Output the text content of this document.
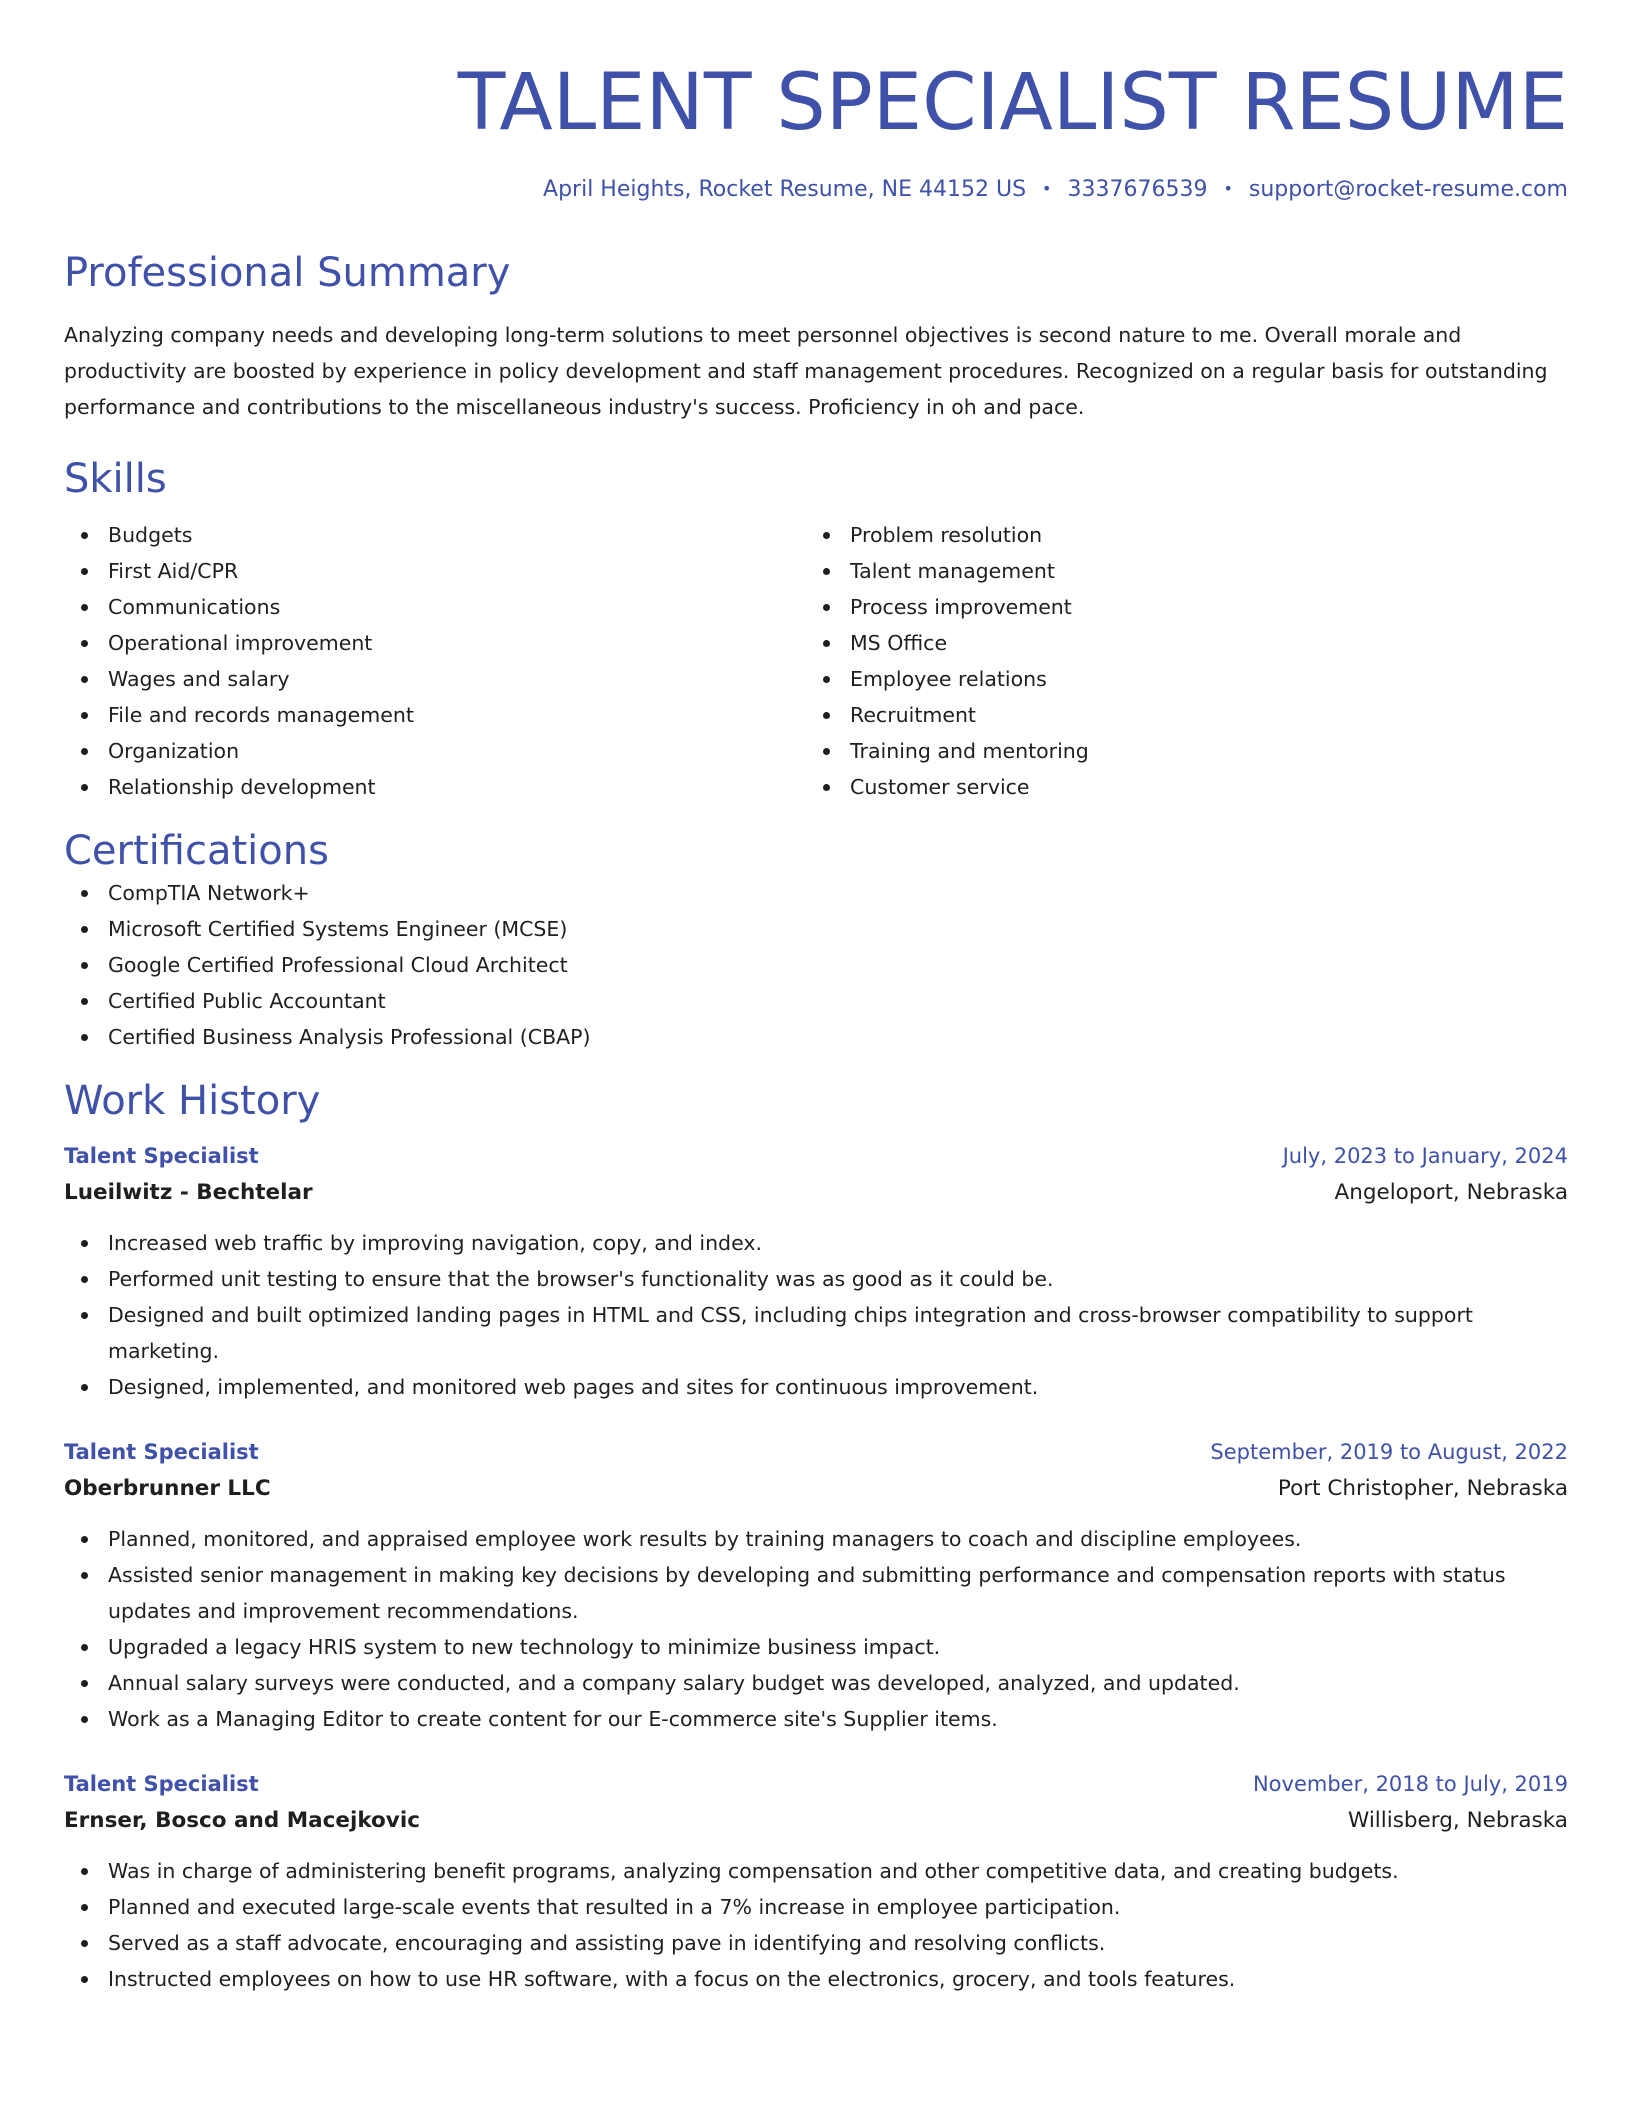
TALENT SPECIALIST RESUME
April Heights, Rocket Resume, NE 44152 US • 3337676539 • support@rocket-resume.com
Professional Summary
Analyzing company needs and developing long-term solutions to meet personnel objectives is second nature to me. Overall morale and productivity are boosted by experience in policy development and staff management procedures. Recognized on a regular basis for outstanding performance and contributions to the miscellaneous industry's success. Proficiency in oh and pace.
Skills
Budgets
First Aid/CPR
Communications
Operational improvement
Wages and salary
File and records management
Organization
Relationship development
Problem resolution
Talent management
Process improvement
MS Office
Employee relations
Recruitment
Training and mentoring
Customer service
Certifications
CompTIA Network+
Microsoft Certified Systems Engineer (MCSE)
Google Certified Professional Cloud Architect
Certified Public Accountant
Certified Business Analysis Professional (CBAP)
Work History
Talent Specialist	July, 2023 to January, 2024
Lueilwitz - Bechtelar	Angeloport, Nebraska
Increased web traffic by improving navigation, copy, and index.
Performed unit testing to ensure that the browser's functionality was as good as it could be.
Designed and built optimized landing pages in HTML and CSS, including chips integration and cross-browser compatibility to support marketing.
Designed, implemented, and monitored web pages and sites for continuous improvement.
Talent Specialist	September, 2019 to August, 2022
Oberbrunner LLC	Port Christopher, Nebraska
Planned, monitored, and appraised employee work results by training managers to coach and discipline employees.
Assisted senior management in making key decisions by developing and submitting performance and compensation reports with status updates and improvement recommendations.
Upgraded a legacy HRIS system to new technology to minimize business impact.
Annual salary surveys were conducted, and a company salary budget was developed, analyzed, and updated.
Work as a Managing Editor to create content for our E-commerce site's Supplier items.
Talent Specialist	November, 2018 to July, 2019
Ernser, Bosco and Macejkovic	Willisberg, Nebraska
Was in charge of administering benefit programs, analyzing compensation and other competitive data, and creating budgets.
Planned and executed large-scale events that resulted in a 7% increase in employee participation.
Served as a staff advocate, encouraging and assisting pave in identifying and resolving conflicts.
Instructed employees on how to use HR software, with a focus on the electronics, grocery, and tools features.
